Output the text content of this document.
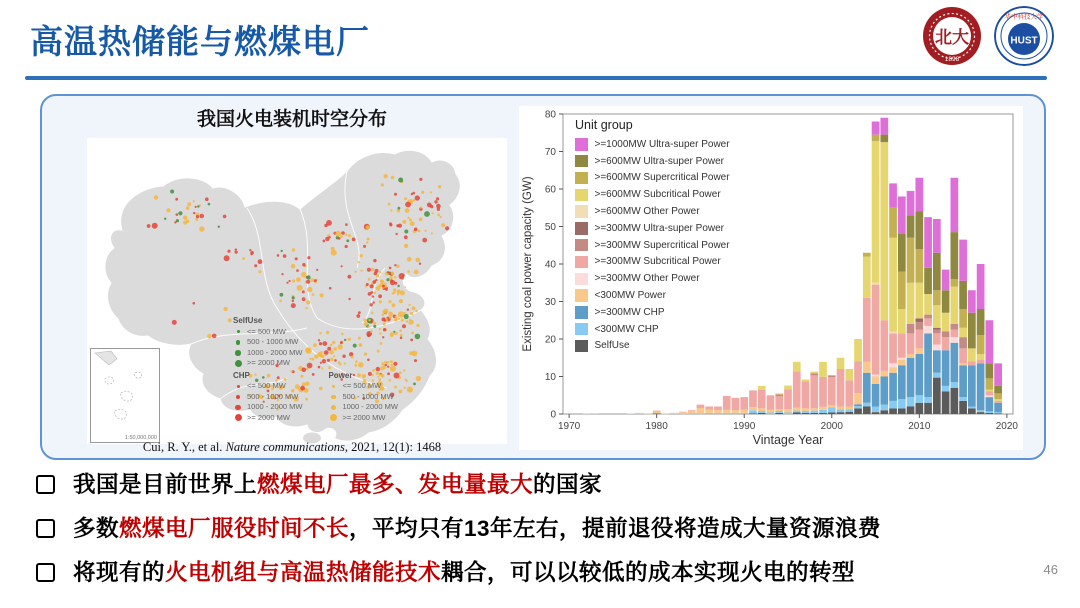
高温热储能与燃煤电厂	北大
1898
华中科技大学
HUST
我国火电装机时空分布
SelfUse
<= 500 MW
500 - 1000 MW
1000 - 2000 MW
>= 2000 MW
CHP
<= 500 MW
500 - 1000 MW
1000 - 2000 MW
>= 2000 MW
Power
<= 500 MW
500 - 1000 MW
1000 - 2000 MW
>= 2000 MW
1:50,000,000
Cui, R. Y., et al. Nature communications, 2021, 12(1): 1468
1970	1980	1990	2000	2010	2020
0
10
20
30
40
50
60
70
80
Vintage Year
Existing coal power capacity (GW)
Unit group
>=1000MW Ultra-super Power
>=600MW Ultra-super Power
>=600MW Supercritical Power
>=600MW Subcritical Power
>=600MW Other Power
>=300MW Ultra-super Power
>=300MW Supercritical Power
>=300MW Subcritical Power
>=300MW Other Power
<300MW Power
>=300MW CHP
<300MW CHP
SelfUse
我国是目前世界上燃煤电厂最多、发电量最大的国家
多数燃煤电厂服役时间不长，平均只有13年左右，提前退役将造成大量资源浪费
将现有的火电机组与高温热储能技术耦合，可以以较低的成本实现火电的转型	46
